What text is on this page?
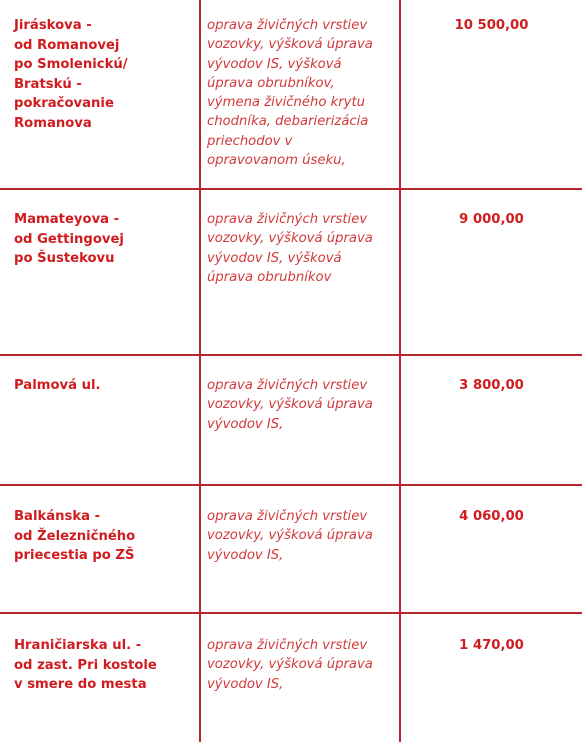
Jiráskova -
od Romanovej
po Smolenickú/
Bratskú -
pokračovanie
Romanova
oprava živičných vrstiev
vozovky, výšková úprava
vývodov IS, výšková
úprava obrubníkov,
výmena živičného krytu
chodníka, debarierizácia
priechodov v
opravovanom úseku,
10 500,00
Mamateyova -
od Gettingovej
po Šustekovu
oprava živičných vrstiev
vozovky, výšková úprava
vývodov IS, výšková
úprava obrubníkov
9 000,00
Palmová ul.	oprava živičných vrstiev
vozovky, výšková úprava
vývodov IS,
3 800,00
Balkánska -
od Železničného
priecestia po ZŠ
oprava živičných vrstiev
vozovky, výšková úprava
vývodov IS,
4 060,00
Hraničiarska ul. -
od zast. Pri kostole
v smere do mesta
oprava živičných vrstiev
vozovky, výšková úprava
vývodov IS,
1 470,00
